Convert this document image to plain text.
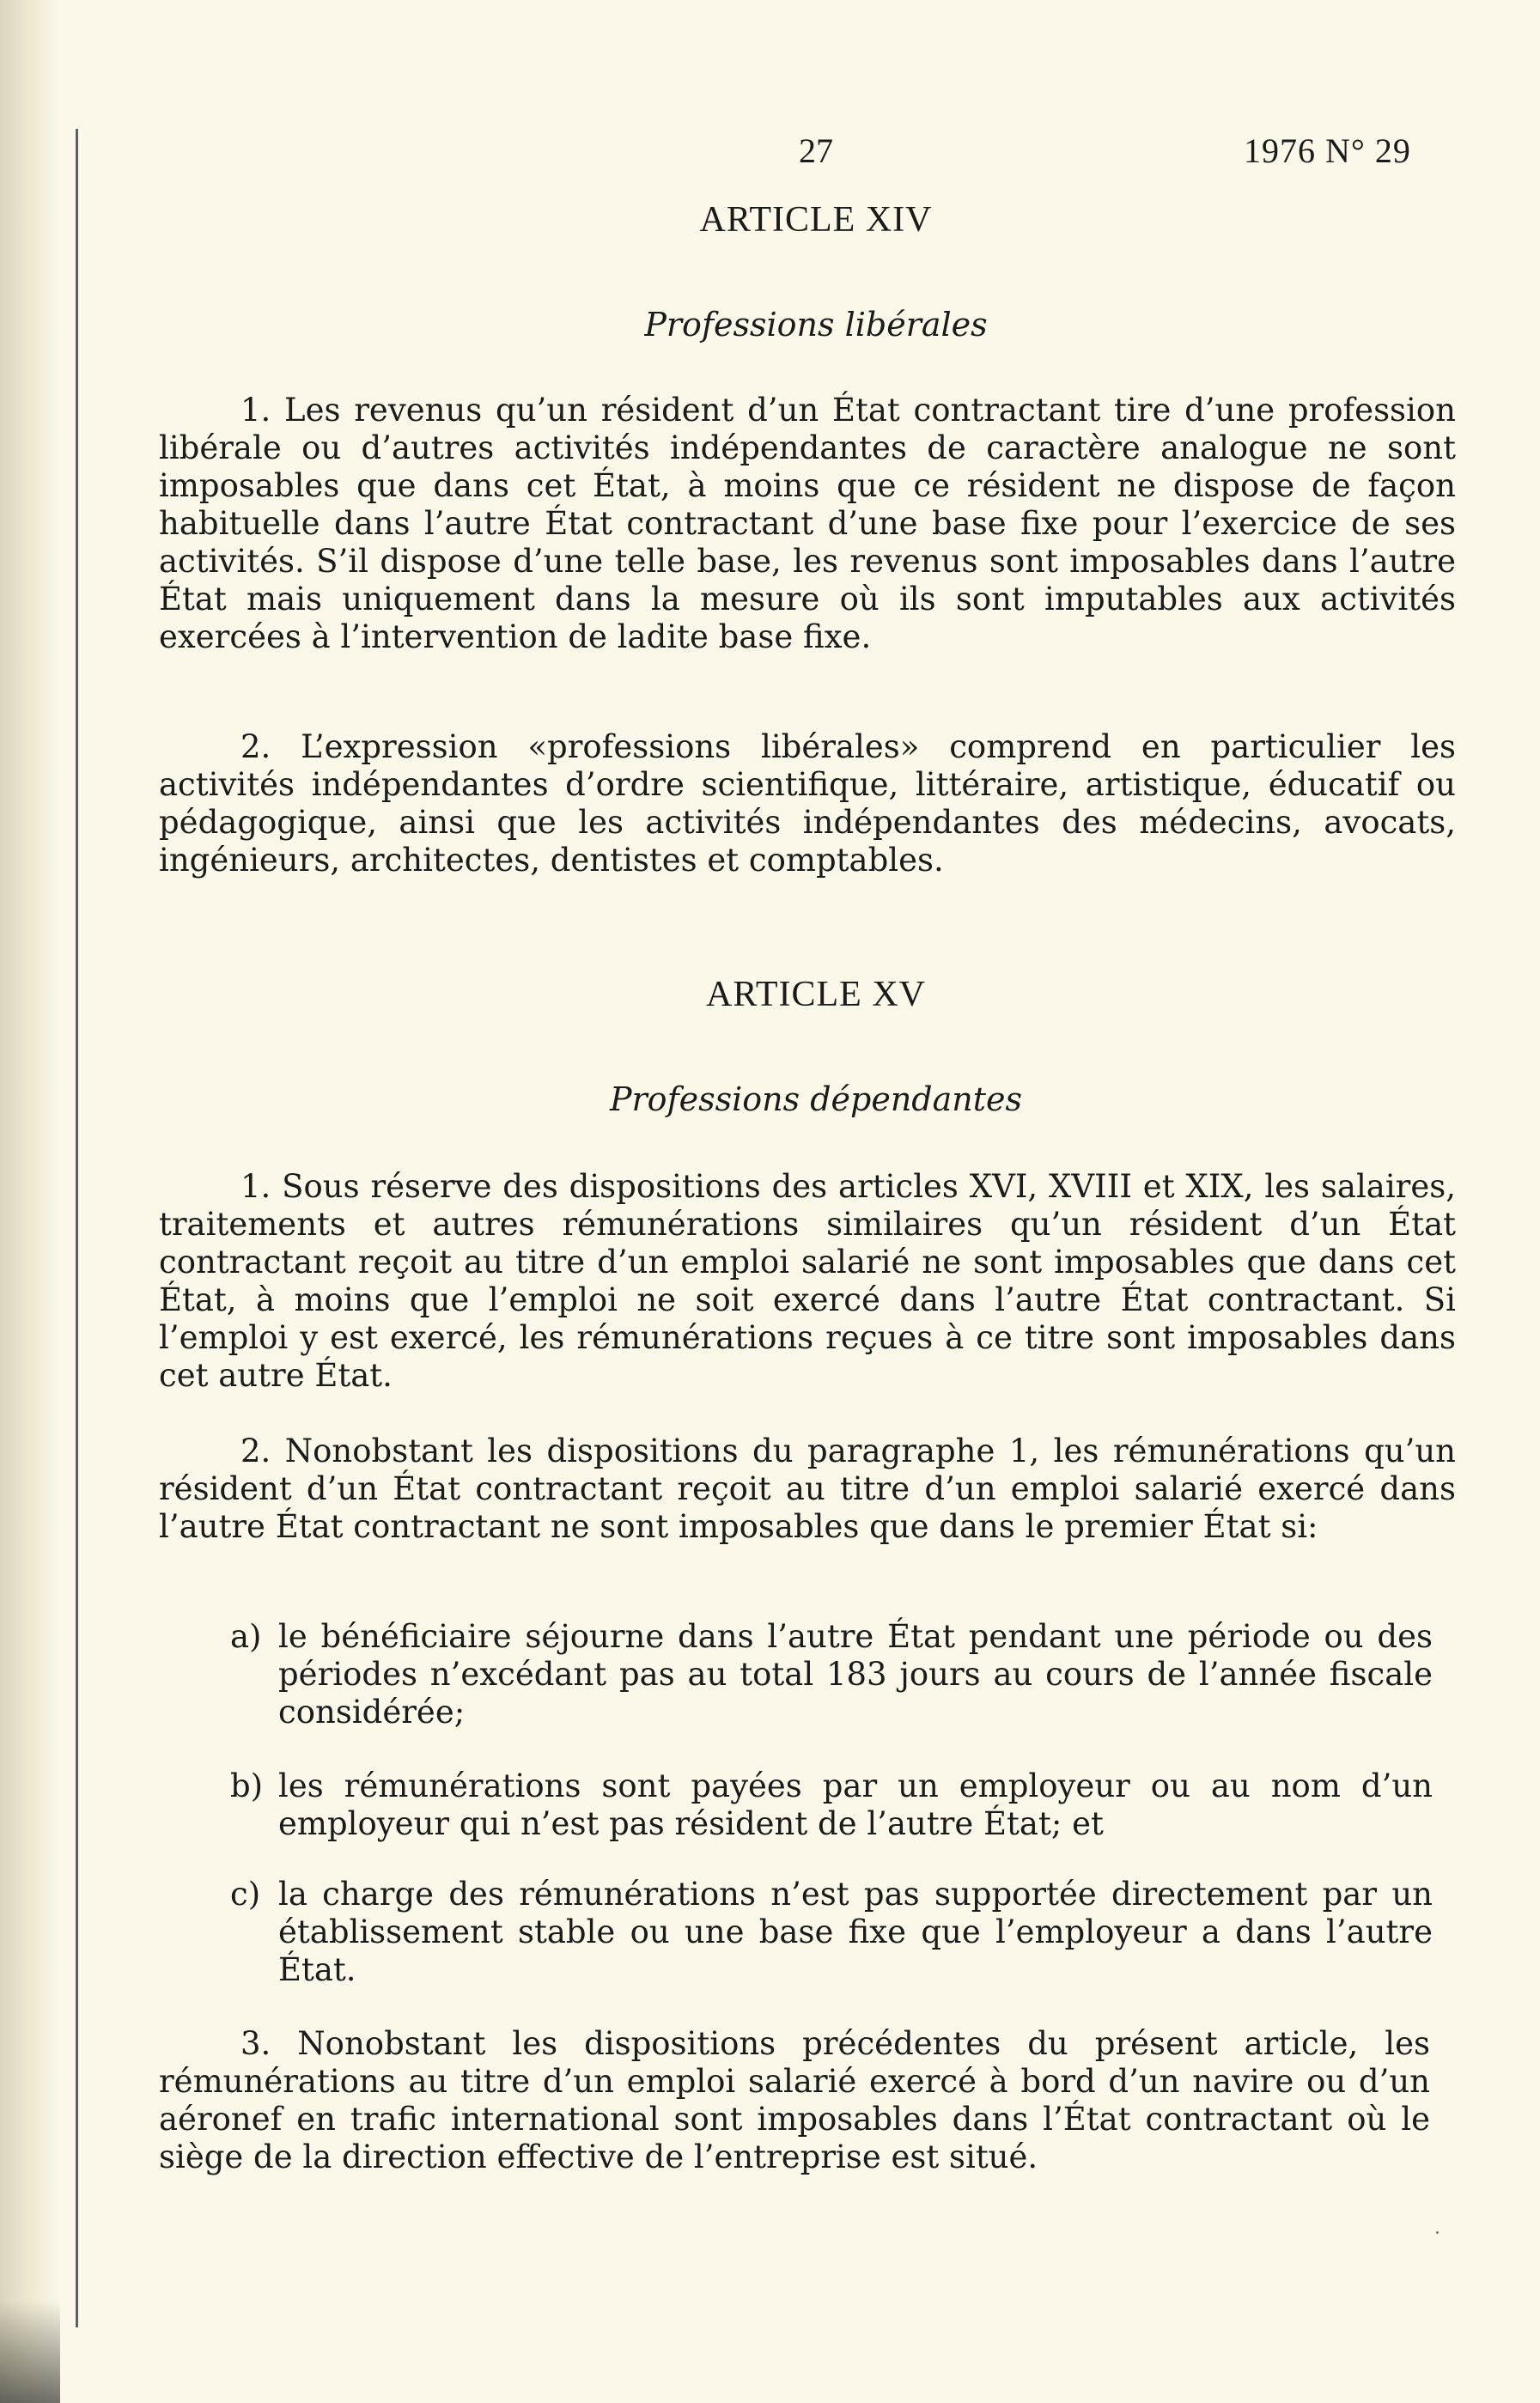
27	1976 N° 29
ARTICLE XIV
Professions libérales

1. Les revenus qu’un résident d’un État contractant tire d’une profession libérale ou d’autres activités indépendantes de caractère analogue ne sont imposables que dans cet État, à moins que ce résident ne dispose de façon habituelle dans l’autre État contractant d’une base fixe pour l’exercice de ses activités. S’il dispose d’une telle base, les revenus sont imposables dans l’autre État mais uniquement dans la mesure où ils sont imputables aux activités exercées à l’intervention de ladite base fixe.

2. L’expression «professions libérales» comprend en particulier les activités indépendantes d’ordre scientifique, littéraire, artistique, éducatif ou pédagogique, ainsi que les activités indépendantes des médecins, avocats, ingénieurs, architectes, dentistes et comptables.

ARTICLE XV
Professions dépendantes

1. Sous réserve des dispositions des articles XVI, XVIII et XIX, les salaires, traitements et autres rémunérations similaires qu’un résident d’un État contractant reçoit au titre d’un emploi salarié ne sont imposables que dans cet État, à moins que l’emploi ne soit exercé dans l’autre État contractant. Si l’emploi y est exercé, les rémunérations reçues à ce titre sont imposables dans cet autre État.

2. Nonobstant les dispositions du paragraphe 1, les rémunérations qu’un résident d’un État contractant reçoit au titre d’un emploi salarié exercé dans l’autre État contractant ne sont imposables que dans le premier État si:

a) le bénéficiaire séjourne dans l’autre État pendant une période ou des périodes n’excédant pas au total 183 jours au cours de l’année fiscale considérée;
b) les rémunérations sont payées par un employeur ou au nom d’un employeur qui n’est pas résident de l’autre État; et
c) la charge des rémunérations n’est pas supportée directement par un établissement stable ou une base fixe que l’employeur a dans l’autre État.

3. Nonobstant les dispositions précédentes du présent article, les rémunérations au titre d’un emploi salarié exercé à bord d’un navire ou d’un aéronef en trafic international sont imposables dans l’État contractant où le siège de la direction effective de l’entreprise est situé.
